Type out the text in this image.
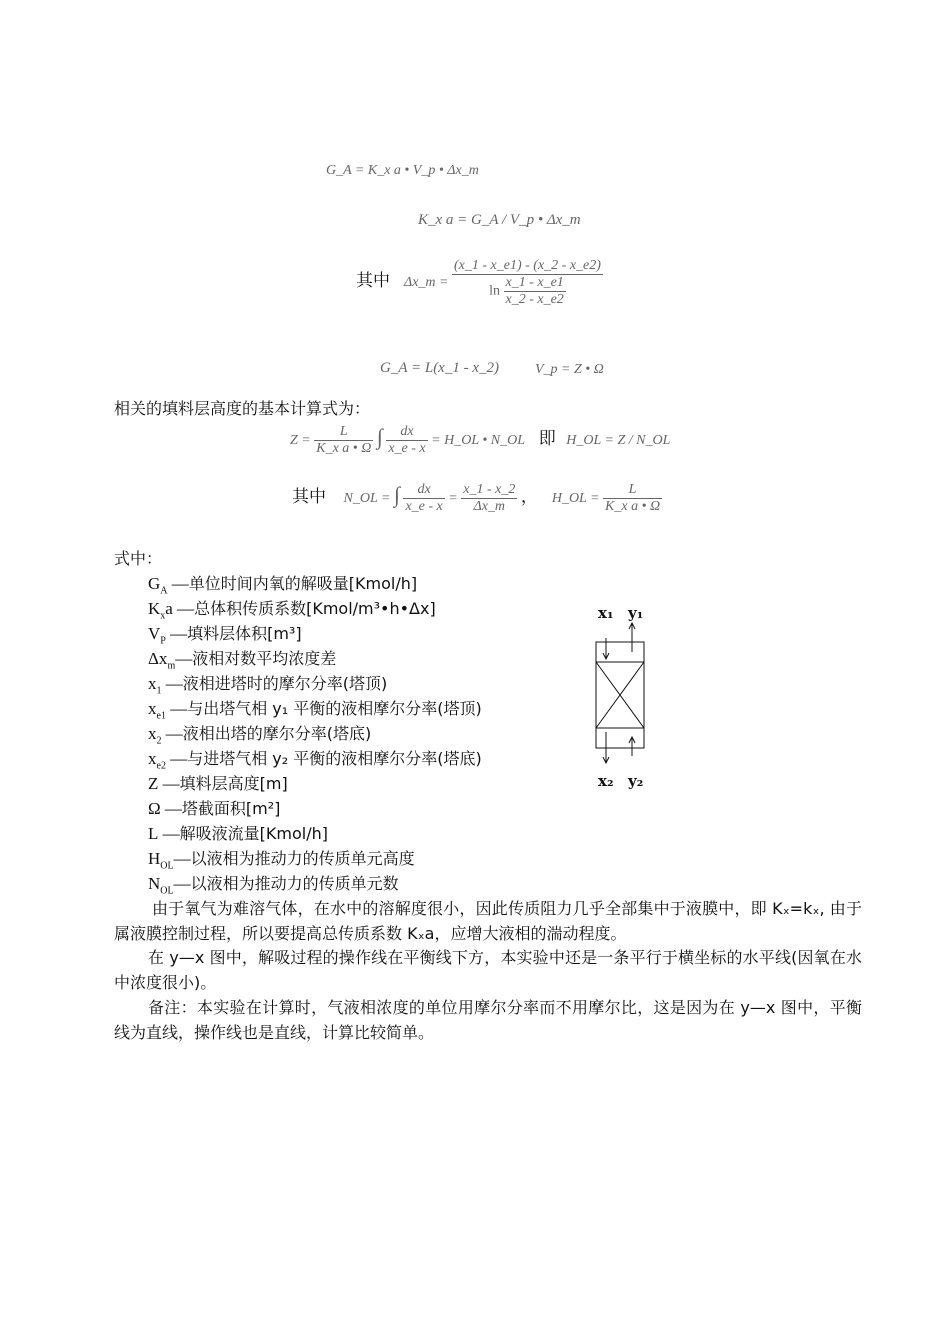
G_A = K_x a • V_p • Δx_m
K_x a = G_A / V_p • Δx_m
其中 Δx_m = $\frac{(x\_1 - x\_e1) - (x\_2 - x\_e2)}{\ln \frac{x\_1 - x\_e1}{x\_2 - x\_e2}}$
G_A = L(x_1 - x_2)	V_p = Z • Ω
相关的填料层高度的基本计算式为：
$Z = \frac{L}{\text{K\_x a • Ω}}$ ∫ $\frac{dx}{x\_e - x}$ = H_OL • N_OL 即 H_OL = Z / N_OL
其中 N_OL = ∫ $\frac{dx}{x\_e - x} = \frac{x\_1 - x\_2}{\Delta x\_m}$ ， H_OL = $\frac{L}{\text{K\_x a • Ω}}$
式中：
$G_A$ —单位时间内氧的解吸量[Kmol/h]
$K_xa$ —总体积传质系数[Kmol/m³•h•Δx]
$V_P$ —填料层体积[m³]
$\Delta x_m—$液相对数平均浓度差
$x_1$ —液相进塔时的摩尔分率(塔顶)
$x_{e1}$ —与出塔气相 y₁ 平衡的液相摩尔分率(塔顶)
$x_2$ —液相出塔的摩尔分率(塔底)
$x_{e2}$ —与进塔气相 y₂ 平衡的液相摩尔分率(塔底)
Z —填料层高度[m]
Ω —塔截面积[m²]
L —解吸液流量[Kmol/h]
$H_{OL}—$以液相为推动力的传质单元高度
$N_{OL}—$以液相为推动力的传质单元数
x₁ y₁
x₂ y₂
由于氧气为难溶气体，在水中的溶解度很小，因此传质阻力几乎全部集中于液膜中，即 Kₓ=kₓ, 由于属液膜控制过程，所以要提高总传质系数 Kₓa，应增大液相的湍动程度。
在 y—x 图中，解吸过程的操作线在平衡线下方，本实验中还是一条平行于横坐标的水平线(因氧在水中浓度很小)。
备注：本实验在计算时，气液相浓度的单位用摩尔分率而不用摩尔比，这是因为在 y—x 图中，平衡线为直线，操作线也是直线，计算比较简单。
